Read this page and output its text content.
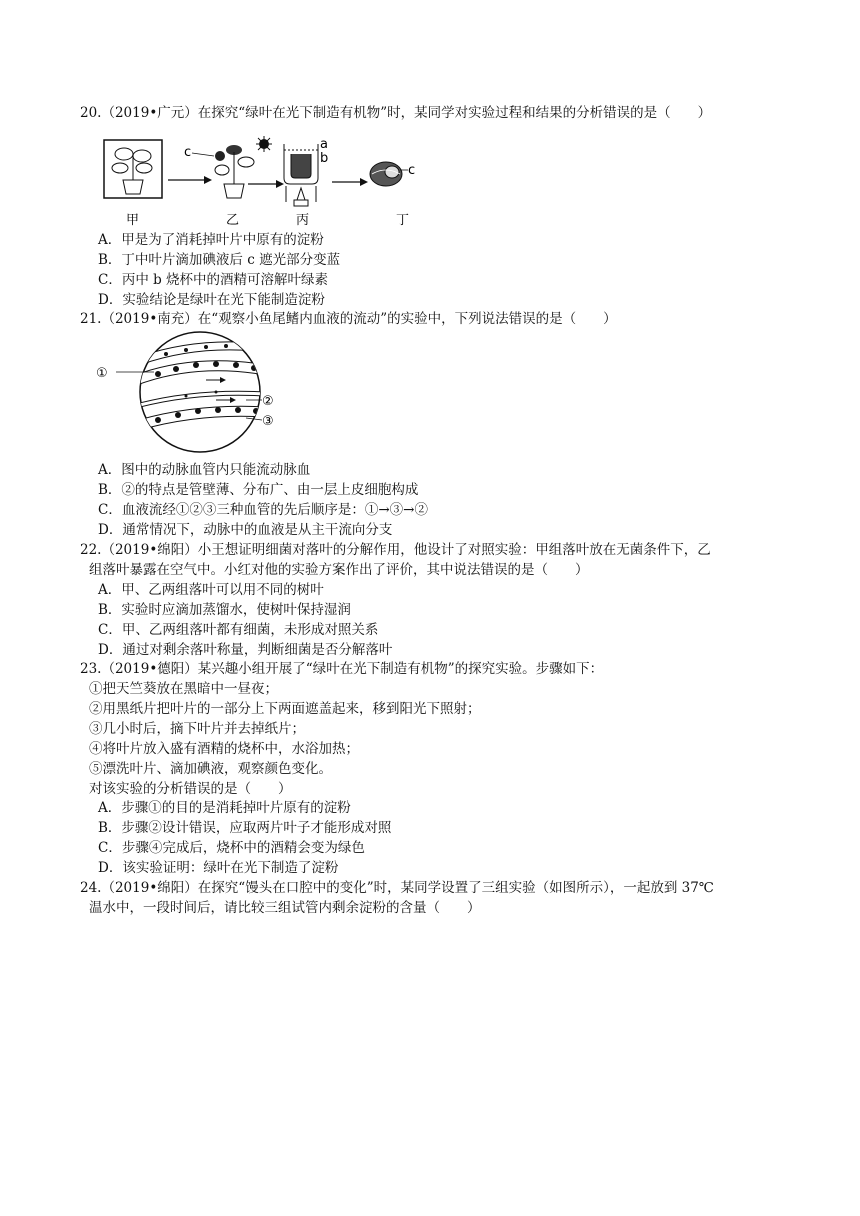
20.（2019•广元）在探究“绿叶在光下制造有机物”时，某同学对实验过程和结果的分析错误的是（　　）
c
a
b
c
甲	乙	丙	丁
A．甲是为了消耗掉叶片中原有的淀粉
B．丁中叶片滴加碘液后 c 遮光部分变蓝
C．丙中 b 烧杯中的酒精可溶解叶绿素
D．实验结论是绿叶在光下能制造淀粉
21.（2019•南充）在“观察小鱼尾鳍内血液的流动”的实验中，下列说法错误的是（　　）
①
②
③
A．图中的动脉血管内只能流动脉血
B．②的特点是管壁薄、分布广、由一层上皮细胞构成
C．血液流经①②③三种血管的先后顺序是：①→③→②
D．通常情况下，动脉中的血液是从主干流向分支
22.（2019•绵阳）小王想证明细菌对落叶的分解作用，他设计了对照实验：甲组落叶放在无菌条件下，乙
组落叶暴露在空气中。小红对他的实验方案作出了评价，其中说法错误的是（　　）
A．甲、乙两组落叶可以用不同的树叶
B．实验时应滴加蒸馏水，使树叶保持湿润
C．甲、乙两组落叶都有细菌，未形成对照关系
D．通过对剩余落叶称量，判断细菌是否分解落叶
23.（2019•德阳）某兴趣小组开展了“绿叶在光下制造有机物”的探究实验。步骤如下：
①把天竺葵放在黑暗中一昼夜；
②用黑纸片把叶片的一部分上下两面遮盖起来，移到阳光下照射；
③几小时后，摘下叶片并去掉纸片；
④将叶片放入盛有酒精的烧杯中，水浴加热；
⑤漂洗叶片、滴加碘液，观察颜色变化。
对该实验的分析错误的是（　　）
A．步骤①的目的是消耗掉叶片原有的淀粉
B．步骤②设计错误，应取两片叶子才能形成对照
C．步骤④完成后，烧杯中的酒精会变为绿色
D．该实验证明：绿叶在光下制造了淀粉
24.（2019•绵阳）在探究“馒头在口腔中的变化”时，某同学设置了三组实验（如图所示），一起放到 37℃
温水中，一段时间后，请比较三组试管内剩余淀粉的含量（　　）
